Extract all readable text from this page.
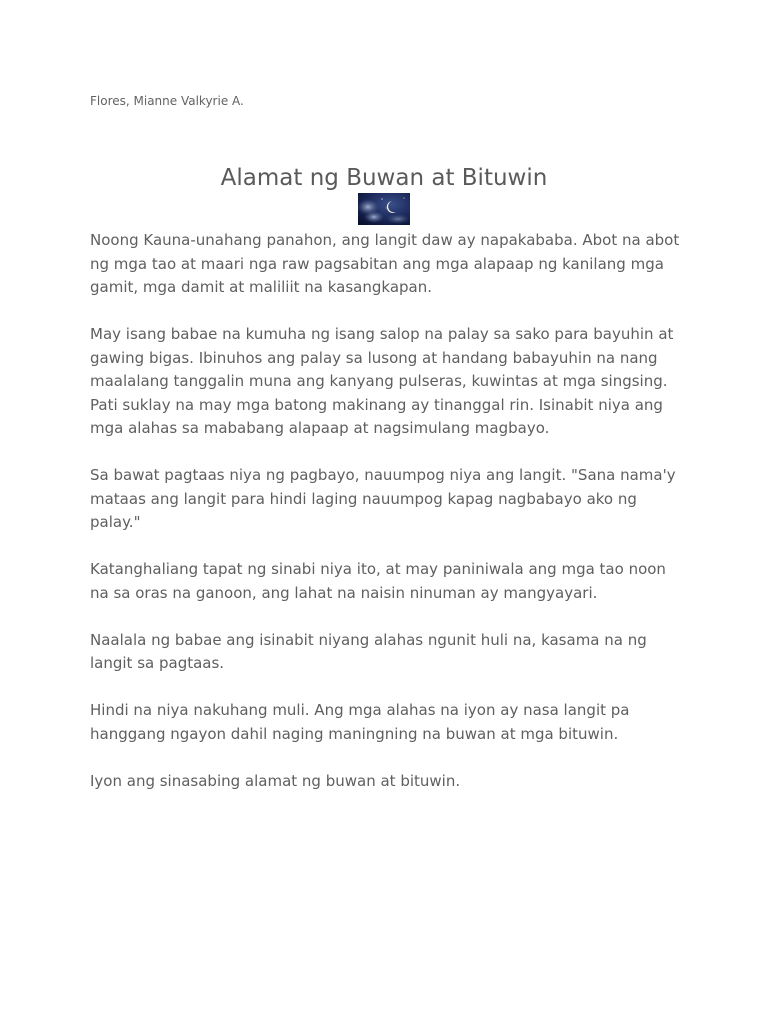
Flores, Mianne Valkyrie A.
Alamat ng Buwan at Bituwin

Noong Kauna-unahang panahon, ang langit daw ay napakababa. Abot na abot ng mga tao at maari nga raw pagsabitan ang mga alapaap ng kanilang mga gamit, mga damit at maliliit na kasangkapan.

May isang babae na kumuha ng isang salop na palay sa sako para bayuhin at gawing bigas. Ibinuhos ang palay sa lusong at handang babayuhin na nang maalalang tanggalin muna ang kanyang pulseras, kuwintas at mga singsing. Pati suklay na may mga batong makinang ay tinanggal rin. Isinabit niya ang mga alahas sa mababang alapaap at nagsimulang magbayo.

Sa bawat pagtaas niya ng pagbayo, nauumpog niya ang langit. "Sana nama'y mataas ang langit para hindi laging nauumpog kapag nagbabayo ako ng palay."

Katanghaliang tapat ng sinabi niya ito, at may paniniwala ang mga tao noon na sa oras na ganoon, ang lahat na naisin ninuman ay mangyayari.

Naalala ng babae ang isinabit niyang alahas ngunit huli na, kasama na ng langit sa pagtaas.

Hindi na niya nakuhang muli. Ang mga alahas na iyon ay nasa langit pa hanggang ngayon dahil naging maningning na buwan at mga bituwin.

Iyon ang sinasabing alamat ng buwan at bituwin.
